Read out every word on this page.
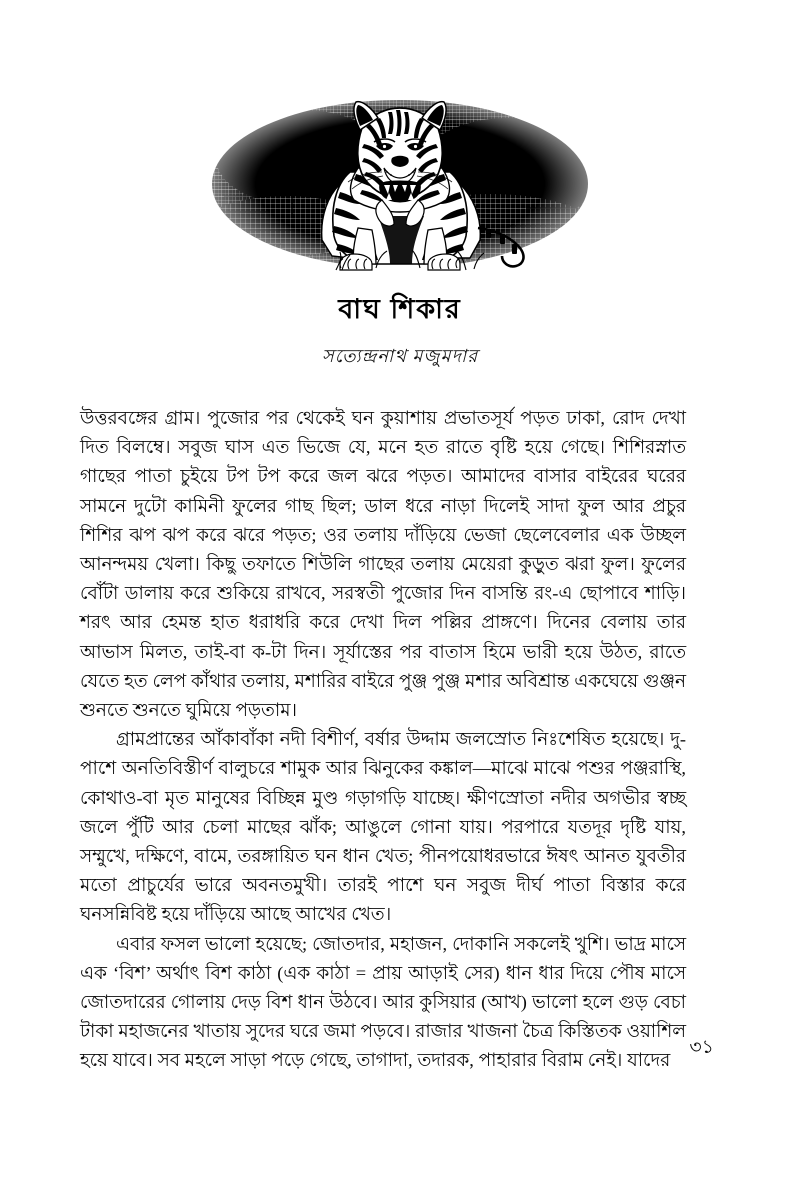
বাঘ শিকার

সত্যেন্দ্রনাথ মজুমদার

উত্তরবঙ্গের গ্রাম। পুজোর পর থেকেই ঘন কুয়াশায় প্রভাতসূর্য পড়ত ঢাকা, রোদ দেখা দিত বিলম্বে। সবুজ ঘাস এত ভিজে যে, মনে হত রাতে বৃষ্টি হয়ে গেছে। শিশিরস্নাত গাছের পাতা চুইয়ে টপ টপ করে জল ঝরে পড়ত। আমাদের বাসার বাইরের ঘরের সামনে দুটো কামিনী ফুলের গাছ ছিল; ডাল ধরে নাড়া দিলেই সাদা ফুল আর প্রচুর শিশির ঝপ ঝপ করে ঝরে পড়ত; ওর তলায় দাঁড়িয়ে ভেজা ছেলেবেলার এক উচ্ছল আনন্দময় খেলা। কিছু তফাতে শিউলি গাছের তলায় মেয়েরা কুড়ুত ঝরা ফুল। ফুলের বোঁটা ডালায় করে শুকিয়ে রাখবে, সরস্বতী পুজোর দিন বাসন্তি রং-এ ছোপাবে শাড়ি। শরৎ আর হেমন্ত হাত ধরাধরি করে দেখা দিল পল্লির প্রাঙ্গণে। দিনের বেলায় তার আভাস মিলত, তাই-বা ক-টা দিন। সূর্যাস্তের পর বাতাস হিমে ভারী হয়ে উঠত, রাতে যেতে হত লেপ কাঁথার তলায়, মশারির বাইরে পুঞ্জ পুঞ্জ মশার অবিশ্রান্ত একঘেয়ে গুঞ্জন শুনতে শুনতে ঘুমিয়ে পড়তাম।

গ্রামপ্রান্তের আঁকাবাঁকা নদী বিশীর্ণ, বর্ষার উদ্দাম জলস্রোত নিঃশেষিত হয়েছে। দু-পাশে অনতিবিস্তীর্ণ বালুচরে শামুক আর ঝিনুকের কঙ্কাল—মাঝে মাঝে পশুর পঞ্জরাস্থি, কোথাও-বা মৃত মানুষের বিচ্ছিন্ন মুণ্ড গড়াগড়ি যাচ্ছে। ক্ষীণস্রোতা নদীর অগভীর স্বচ্ছ জলে পুঁটি আর চেলা মাছের ঝাঁক; আঙুলে গোনা যায়। পরপারে যতদূর দৃষ্টি যায়, সম্মুখে, দক্ষিণে, বামে, তরঙ্গায়িত ঘন ধান খেত; পীনপয়োধরভারে ঈষৎ আনত যুবতীর মতো প্রাচুর্যের ভারে অবনতমুখী। তারই পাশে ঘন সবুজ দীর্ঘ পাতা বিস্তার করে ঘনসন্নিবিষ্ট হয়ে দাঁড়িয়ে আছে আখের খেত।

এবার ফসল ভালো হয়েছে; জোতদার, মহাজন, দোকানি সকলেই খুশি। ভাদ্র মাসে এক ‘বিশ’ অর্থাৎ বিশ কাঠা (এক কাঠা = প্রায় আড়াই সের) ধান ধার দিয়ে পৌষ মাসে জোতদারের গোলায় দেড় বিশ ধান উঠবে। আর কুসিয়ার (আখ) ভালো হলে গুড় বেচা টাকা মহাজনের খাতায় সুদের ঘরে জমা পড়বে। রাজার খাজনা চৈত্র কিস্তিতক ওয়াশিল হয়ে যাবে। সব মহলে সাড়া পড়ে গেছে, তাগাদা, তদারক, পাহারার বিরাম নেই। যাদের

৩১
